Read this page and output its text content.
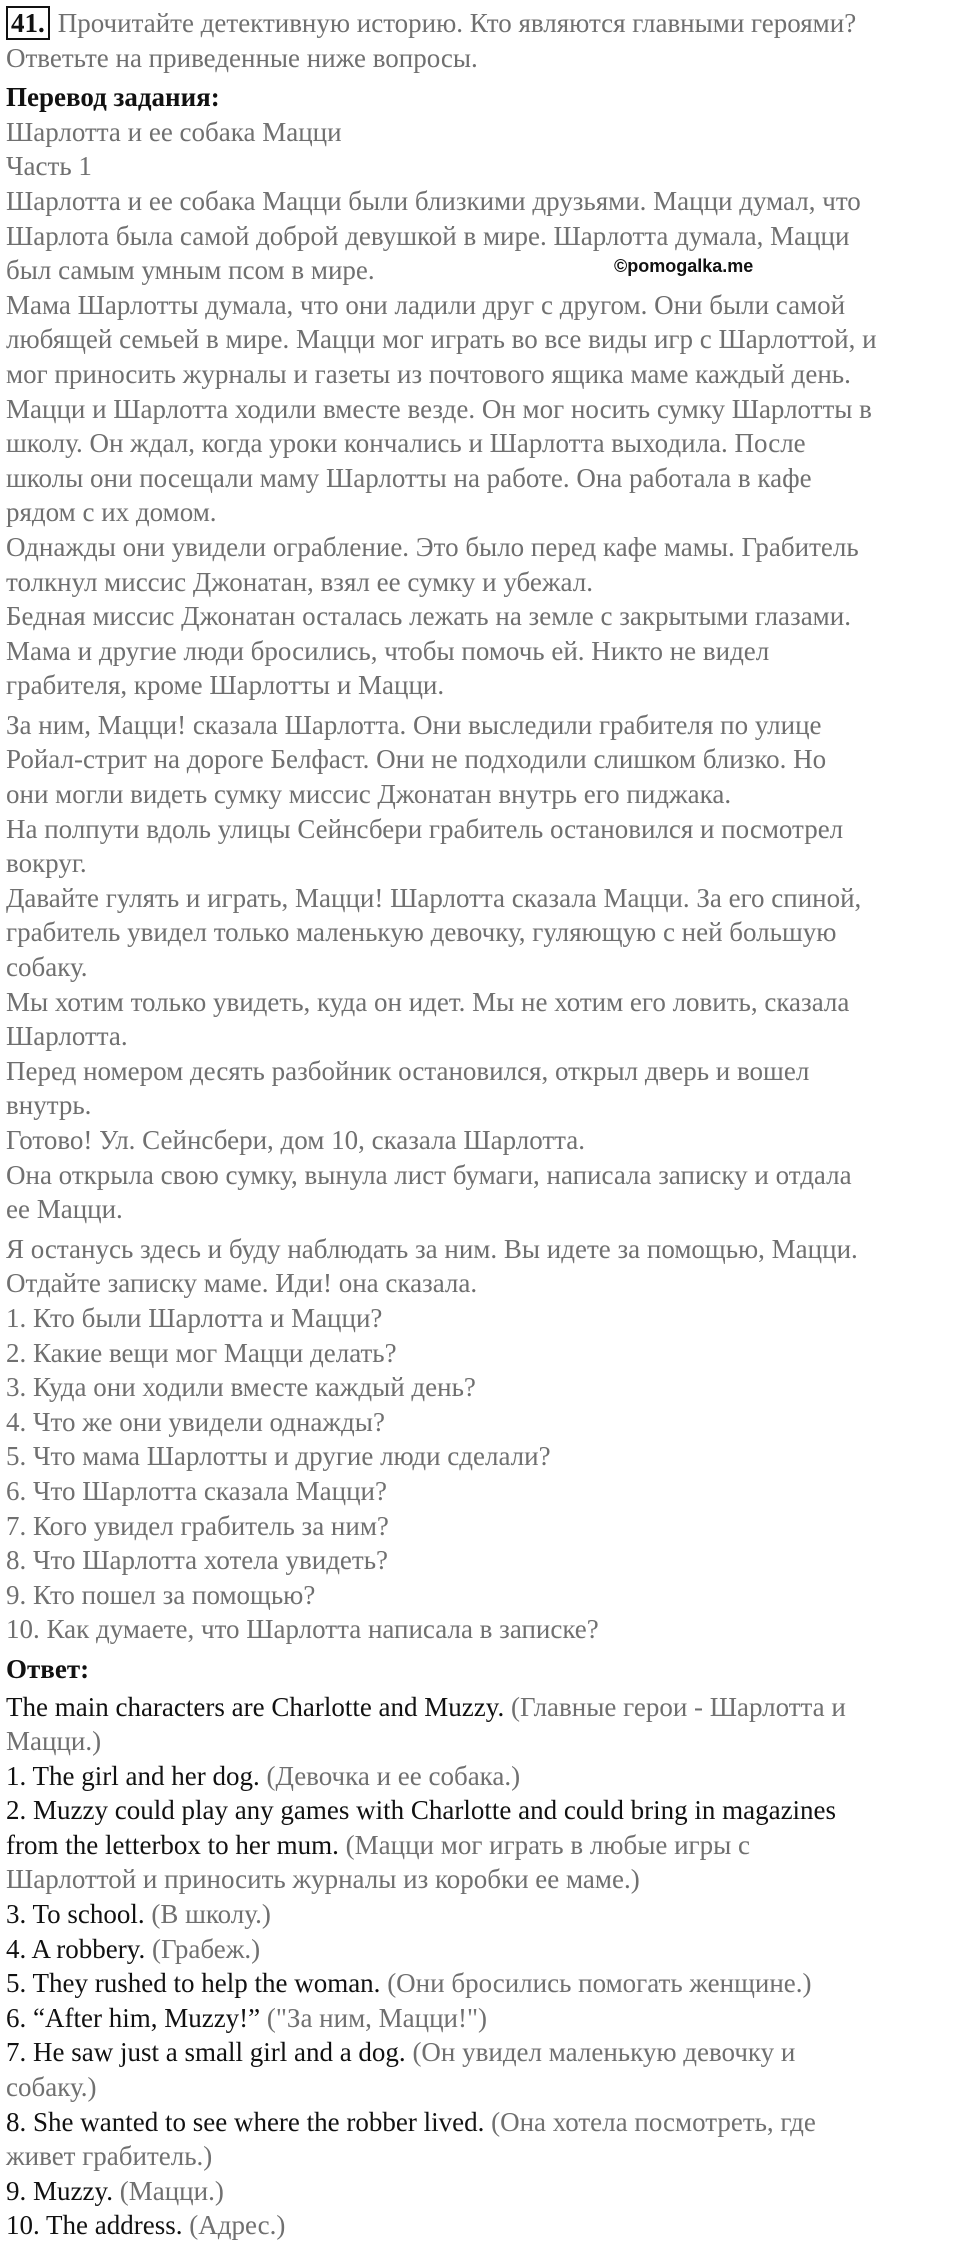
41. Прочитайте детективную историю. Кто являются главными героями?

Ответьте на приведенные ниже вопросы.

Перевод задания:

Шарлотта и ее собака Мацци

Часть 1

Шарлотта и ее собака Мацци были близкими друзьями. Мацци думал, что

Шарлота была самой доброй девушкой в мире. Шарлотта думала, Мацци

был самым умным псом в мире.

Мама Шарлотты думала, что они ладили друг с другом. Они были самой

любящей семьей в мире. Мацци мог играть во все виды игр с Шарлоттой, и

мог приносить журналы и газеты из почтового ящика маме каждый день.

Мацци и Шарлотта ходили вместе везде. Он мог носить сумку Шарлотты в

школу. Он ждал, когда уроки кончались и Шарлотта выходила. После

школы они посещали маму Шарлотты на работе. Она работала в кафе

рядом с их домом.

Однажды они увидели ограбление. Это было перед кафе мамы. Грабитель

толкнул миссис Джонатан, взял ее сумку и убежал.

Бедная миссис Джонатан осталась лежать на земле с закрытыми глазами.

Мама и другие люди бросились, чтобы помочь ей. Никто не видел

грабителя, кроме Шарлотты и Мацци.

За ним, Мацци! сказала Шарлотта. Они выследили грабителя по улице

Ройал-стрит на дороге Белфаст. Они не подходили слишком близко. Но

они могли видеть сумку миссис Джонатан внутрь его пиджака.

На полпути вдоль улицы Сейнсбери грабитель остановился и посмотрел

вокруг.

Давайте гулять и играть, Мацци! Шарлотта сказала Мацци. За его спиной,

грабитель увидел только маленькую девочку, гуляющую с ней большую

собаку.

Мы хотим только увидеть, куда он идет. Мы не хотим его ловить, сказала

Шарлотта.

Перед номером десять разбойник остановился, открыл дверь и вошел

внутрь.

Готово! Ул. Сейнсбери, дом 10, сказала Шарлотта.

Она открыла свою сумку, вынула лист бумаги, написала записку и отдала

ее Мацци.

Я останусь здесь и буду наблюдать за ним. Вы идете за помощью, Мацци.

Отдайте записку маме. Иди! она сказала.

1. Кто были Шарлотта и Мацци?

2. Какие вещи мог Мацци делать?

3. Куда они ходили вместе каждый день?

4. Что же они увидели однажды?

5. Что мама Шарлотты и другие люди сделали?

6. Что Шарлотта сказала Мацци?

7. Кого увидел грабитель за ним?

8. Что Шарлотта хотела увидеть?

9. Кто пошел за помощью?

10. Как думаете, что Шарлотта написала в записке?

Ответ:

The main characters are Charlotte and Muzzy. (Главные герои - Шарлотта и

Мацци.)

1. The girl and her dog. (Девочка и ее собака.)

2. Muzzy could play any games with Charlotte and could bring in magazines

from the letterbox to her mum. (Мацци мог играть в любые игры с

Шарлоттой и приносить журналы из коробки ее маме.)

3. To school. (В школу.)

4. A robbery. (Грабеж.)

5. They rushed to help the woman. (Они бросились помогать женщине.)

6. “After him, Muzzy!” ("За ним, Мацци!")

7. He saw just a small girl and a dog. (Он увидел маленькую девочку и

собаку.)

8. She wanted to see where the robber lived. (Она хотела посмотреть, где

живет грабитель.)

9. Muzzy. (Мацци.)

10. The address. (Адрес.)

©pomogalka.me
